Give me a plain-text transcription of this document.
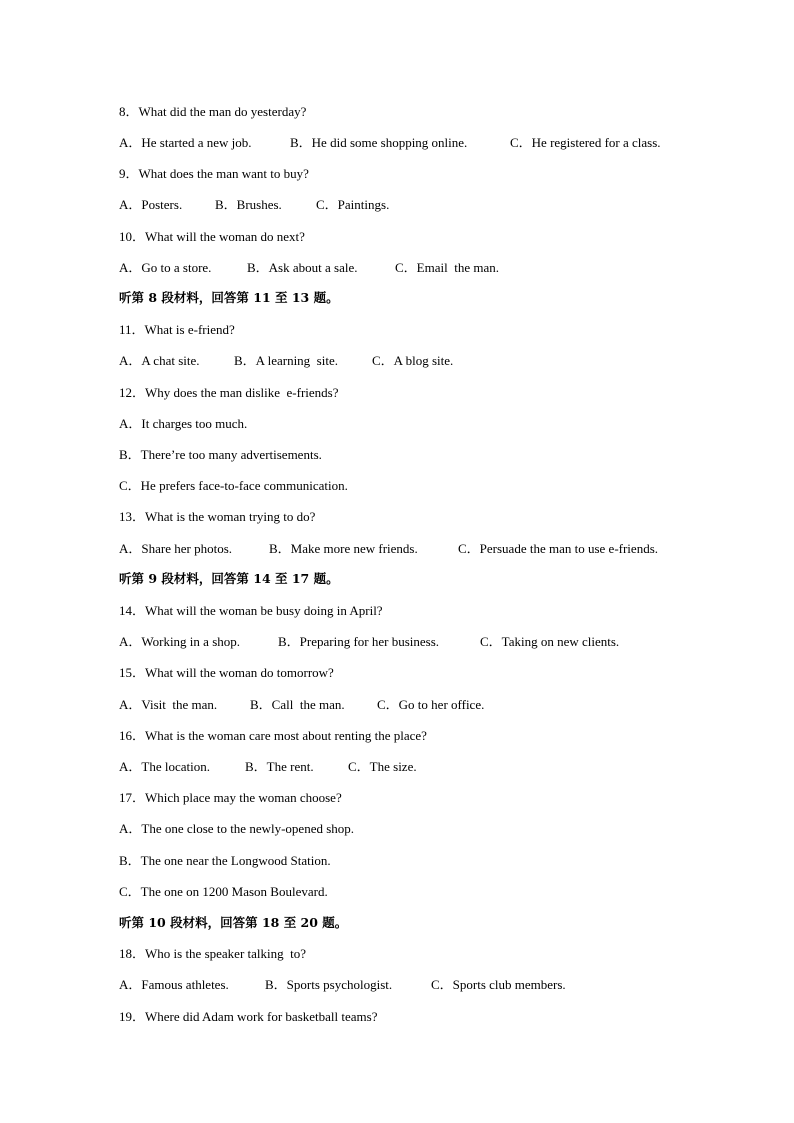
8．What did the man do yesterday?

A．He started a new job.

	B．He did some shopping online.

	C．He registered for a class.

9．What does the man want to buy?

A．Posters.

	B．Brushes.

	C．Paintings.

10．What will the woman do next?

A．Go to a store.

	B．Ask about a sale.

	C．Email  the man.

听第 8 段材料，回答第 11 至 13 题。
11．What is e-friend?

A．A chat site.

	B．A learning  site.

	C．A blog site.

12．Why does the man dislike  e-friends?
A．It charges too much.
B．There’re too many advertisements.
C．He prefers face-to-face communication.
13．What is the woman trying to do?

A．Share her photos.

	B．Make more new friends.

	C．Persuade the man to use e-friends.

听第 9 段材料，回答第 14 至 17 题。
14．What will the woman be busy doing in April?

A．Working in a shop.

	B．Preparing for her business.

	C．Taking on new clients.

15．What will the woman do tomorrow?

A．Visit  the man.

	B．Call  the man.

C．Go to her office.

16．What is the woman care most about renting the place?

A．The location.

	B．The rent.

	C．The size.

17．Which place may the woman choose?
A．The one close to the newly-opened shop.
B．The one near the Longwood Station.
C．The one on 1200 Mason Boulevard.
听第 10 段材料，回答第 18 至 20 题。
18．Who is the speaker talking  to?

A．Famous athletes.

	B．Sports psychologist.

	C．Sports club members.

19．Where did Adam work for basketball teams?
